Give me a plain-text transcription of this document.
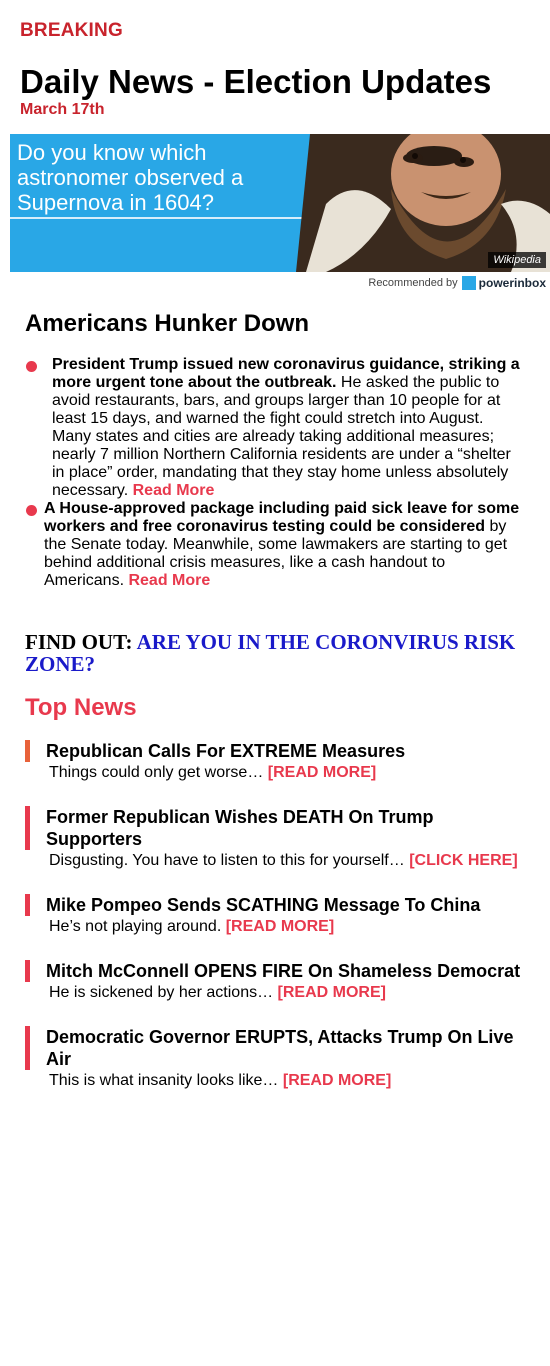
BREAKING
Daily News - Election Updates
March 17th
Do you know which astronomer observed a Supernova in 1604?
Wikipedia
Recommended by powerinbox
Americans Hunker Down
President Trump issued new coronavirus guidance, striking a more urgent tone about the outbreak. He asked the public to avoid restaurants, bars, and groups larger than 10 people for at least 15 days, and warned the fight could stretch into August. Many states and cities are already taking additional measures; nearly 7 million Northern California residents are under a “shelter in place” order, mandating that they stay home unless absolutely necessary. Read More
A House-approved package including paid sick leave for some workers and free coronavirus testing could be considered by the Senate today. Meanwhile, some lawmakers are starting to get behind additional crisis measures, like a cash handout to Americans. Read More
FIND OUT: ARE YOU IN THE CORONVIRUS RISK ZONE?
Top News
Republican Calls For EXTREME Measures
Things could only get worse… [READ MORE]
Former Republican Wishes DEATH On Trump Supporters
Disgusting. You have to listen to this for yourself… [CLICK HERE]
Mike Pompeo Sends SCATHING Message To China
He’s not playing around. [READ MORE]
Mitch McConnell OPENS FIRE On Shameless Democrat
He is sickened by her actions… [READ MORE]
Democratic Governor ERUPTS, Attacks Trump On Live Air
This is what insanity looks like… [READ MORE]
